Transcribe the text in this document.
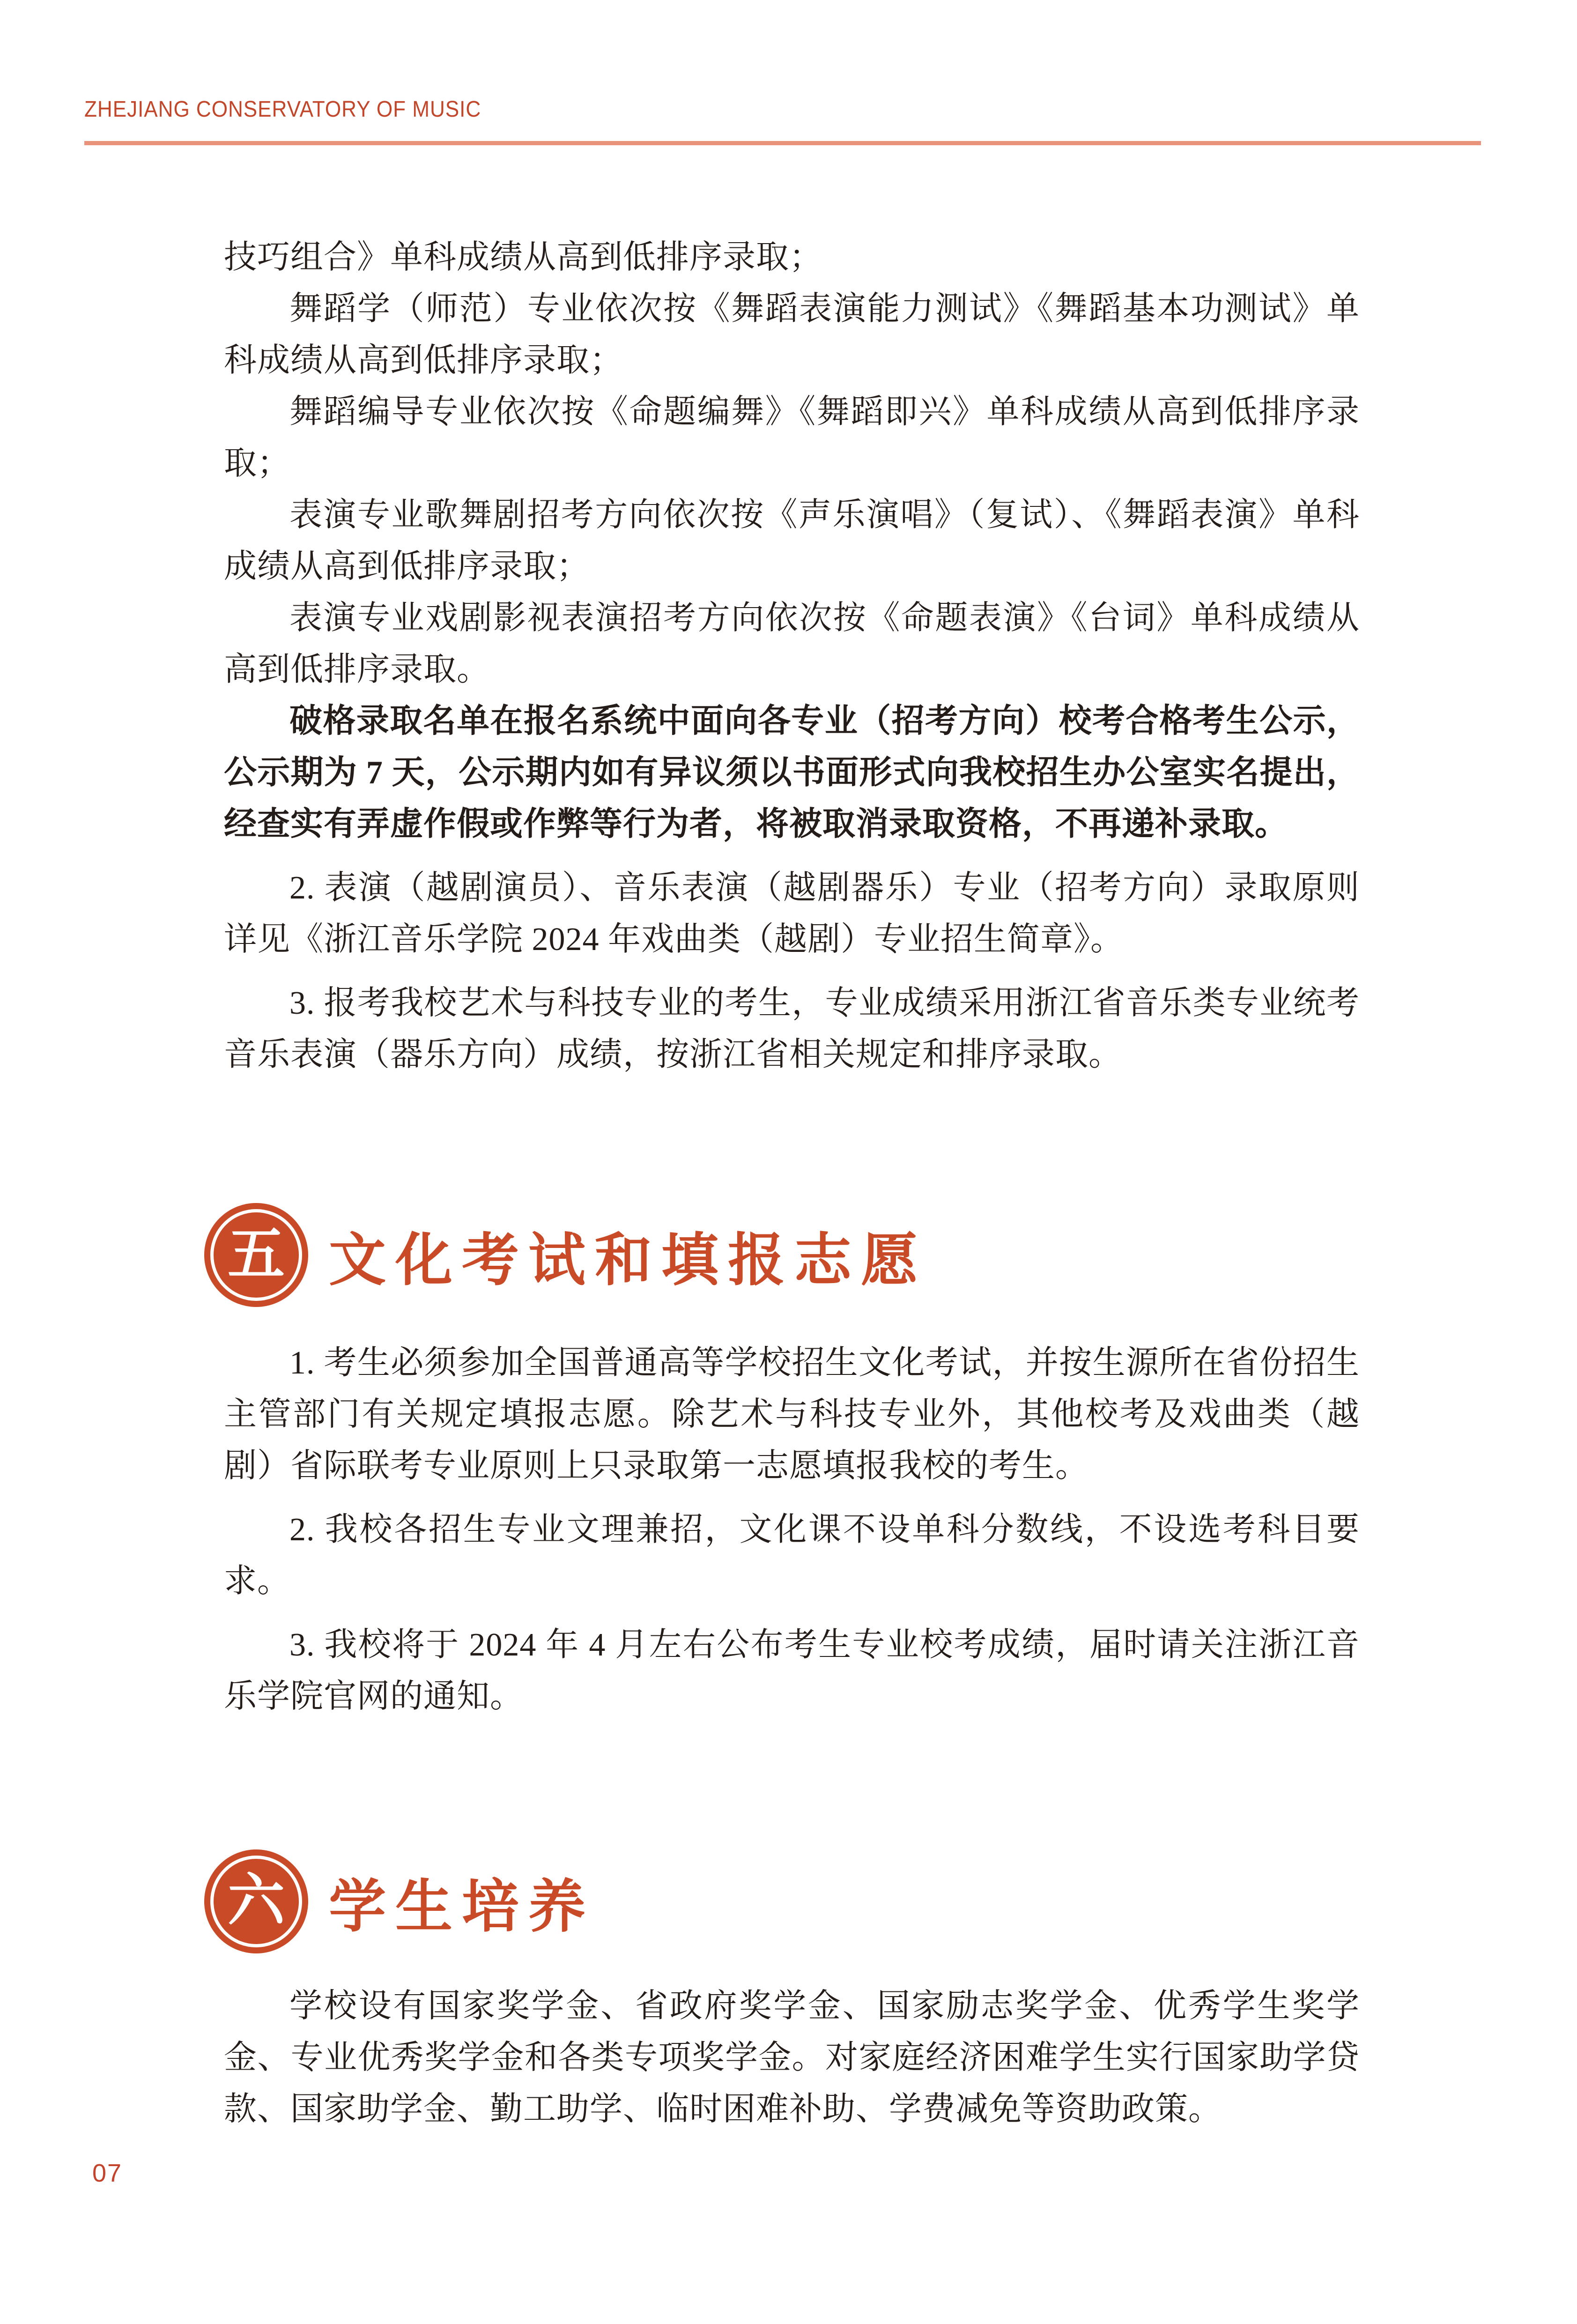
ZHEJIANG CONSERVATORY OF MUSIC

技巧组合》单科成绩从高到低排序录取；

舞蹈学（师范）专业依次按《舞蹈表演能力测试》《舞蹈基本功测试》单科成绩从高到低排序录取；

舞蹈编导专业依次按《命题编舞》《舞蹈即兴》单科成绩从高到低排序录取；

表演专业歌舞剧招考方向依次按《声乐演唱》（复试）、《舞蹈表演》单科成绩从高到低排序录取；

表演专业戏剧影视表演招考方向依次按《命题表演》《台词》单科成绩从高到低排序录取。

破格录取名单在报名系统中面向各专业（招考方向）校考合格考生公示，公示期为 7 天，公示期内如有异议须以书面形式向我校招生办公室实名提出，经查实有弄虚作假或作弊等行为者，将被取消录取资格，不再递补录取。

2. 表演（越剧演员）、音乐表演（越剧器乐）专业（招考方向）录取原则详见《浙江音乐学院 2024 年戏曲类（越剧）专业招生简章》。

3. 报考我校艺术与科技专业的考生，专业成绩采用浙江省音乐类专业统考音乐表演（器乐方向）成绩，按浙江省相关规定和排序录取。

五 文化考试和填报志愿

1. 考生必须参加全国普通高等学校招生文化考试，并按生源所在省份招生主管部门有关规定填报志愿。除艺术与科技专业外，其他校考及戏曲类（越剧）省际联考专业原则上只录取第一志愿填报我校的考生。

2. 我校各招生专业文理兼招，文化课不设单科分数线，不设选考科目要求。

3. 我校将于 2024 年 4 月左右公布考生专业校考成绩，届时请关注浙江音乐学院官网的通知。

六 学生培养

学校设有国家奖学金、省政府奖学金、国家励志奖学金、优秀学生奖学金、专业优秀奖学金和各类专项奖学金。对家庭经济困难学生实行国家助学贷款、国家助学金、勤工助学、临时困难补助、学费减免等资助政策。

07
